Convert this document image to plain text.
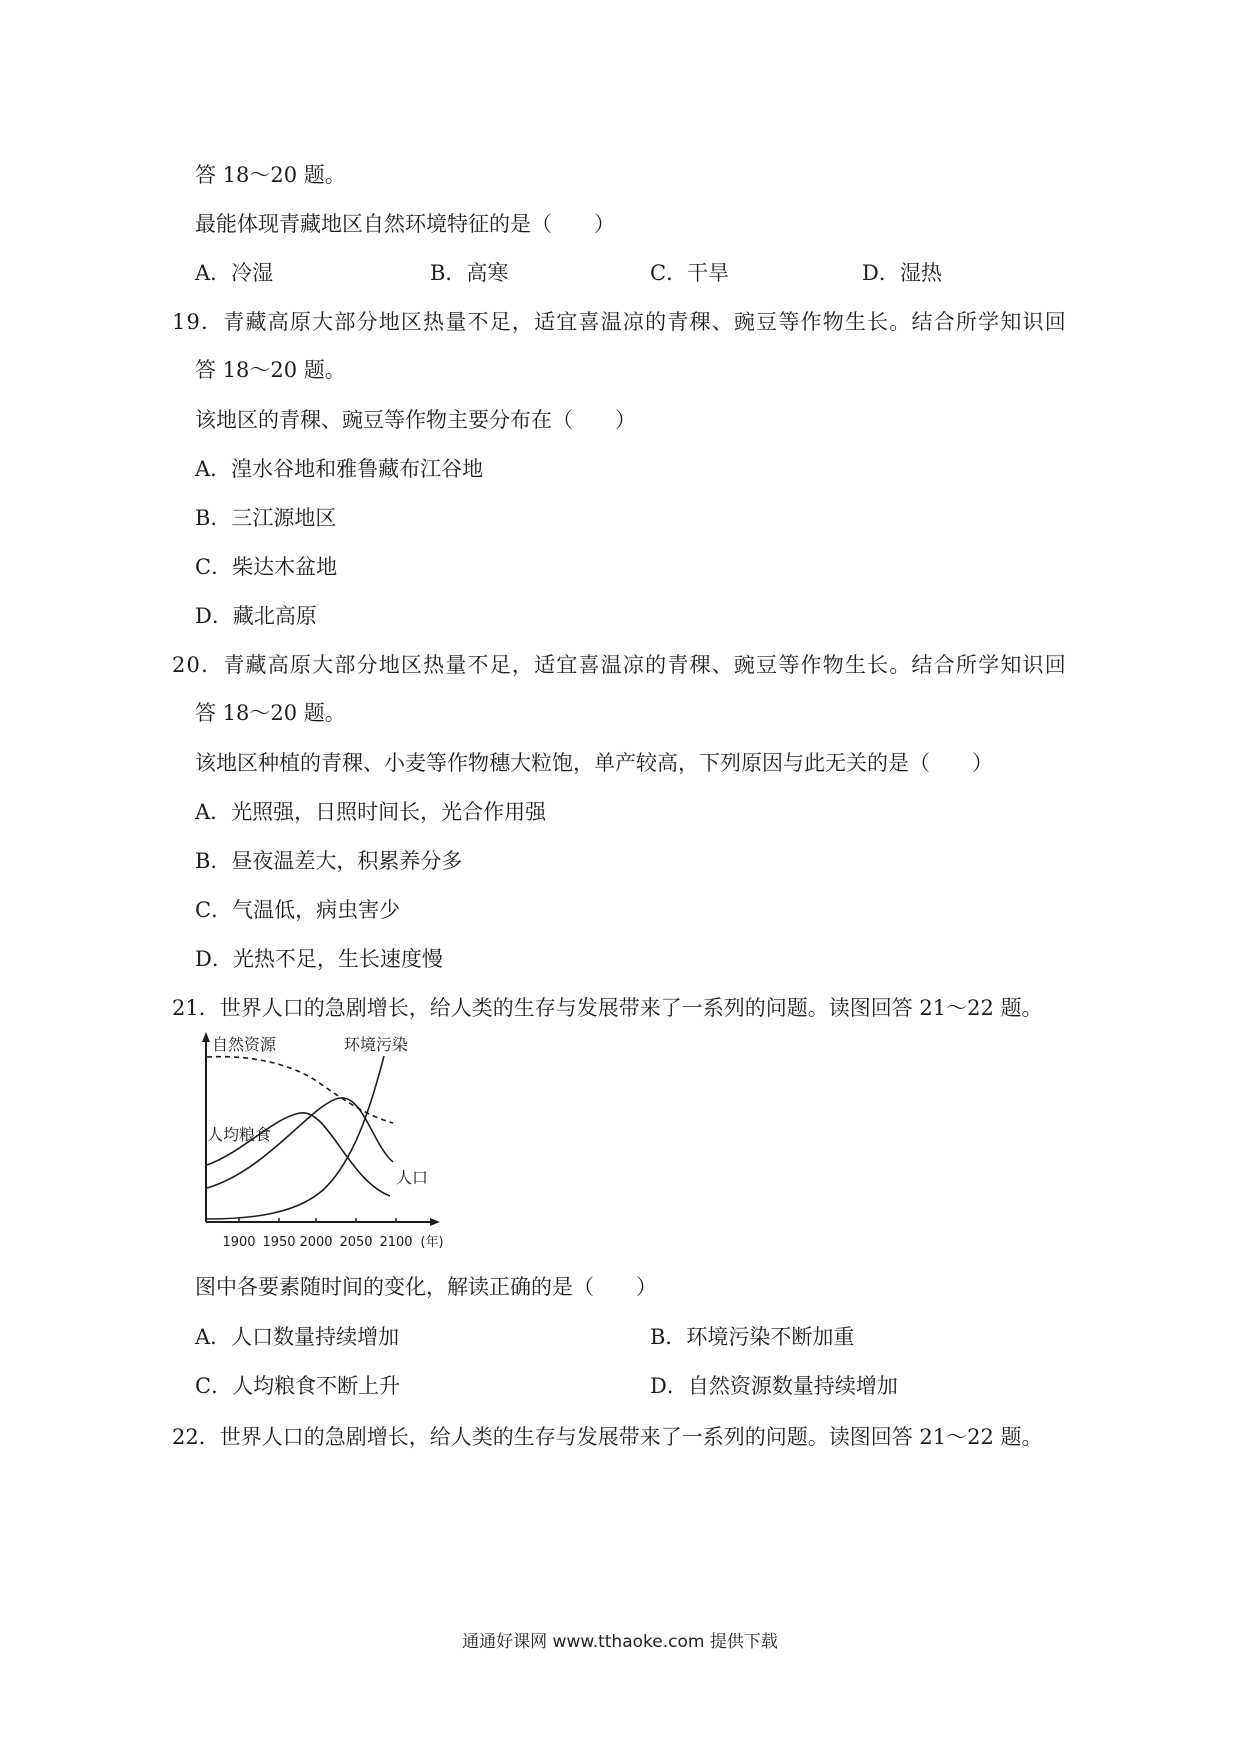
答 18～20 题。
最能体现青藏地区自然环境特征的是（　　）
A．冷湿	B．高寒	C．干旱	D．湿热
19．青藏高原大部分地区热量不足，适宜喜温凉的青稞、豌豆等作物生长。结合所学知识回
答 18～20 题。
该地区的青稞、豌豆等作物主要分布在（　　）
A．湟水谷地和雅鲁藏布江谷地
B．三江源地区
C．柴达木盆地
D．藏北高原
20．青藏高原大部分地区热量不足，适宜喜温凉的青稞、豌豆等作物生长。结合所学知识回
答 18～20 题。
该地区种植的青稞、小麦等作物穗大粒饱，单产较高，下列原因与此无关的是（　　）
A．光照强，日照时间长，光合作用强
B．昼夜温差大，积累养分多
C．气温低，病虫害少
D．光热不足，生长速度慢
21．世界人口的急剧增长，给人类的生存与发展带来了一系列的问题。读图回答 21～22 题。
自然资源	环境污染
人均粮食
人口
1900 1950 2000 2050 2100 (年)
图中各要素随时间的变化，解读正确的是（　　）
A．人口数量持续增加	B．环境污染不断加重
C．人均粮食不断上升	D．自然资源数量持续增加
22．世界人口的急剧增长，给人类的生存与发展带来了一系列的问题。读图回答 21～22 题。
通通好课网 www.tthaoke.com 提供下载
